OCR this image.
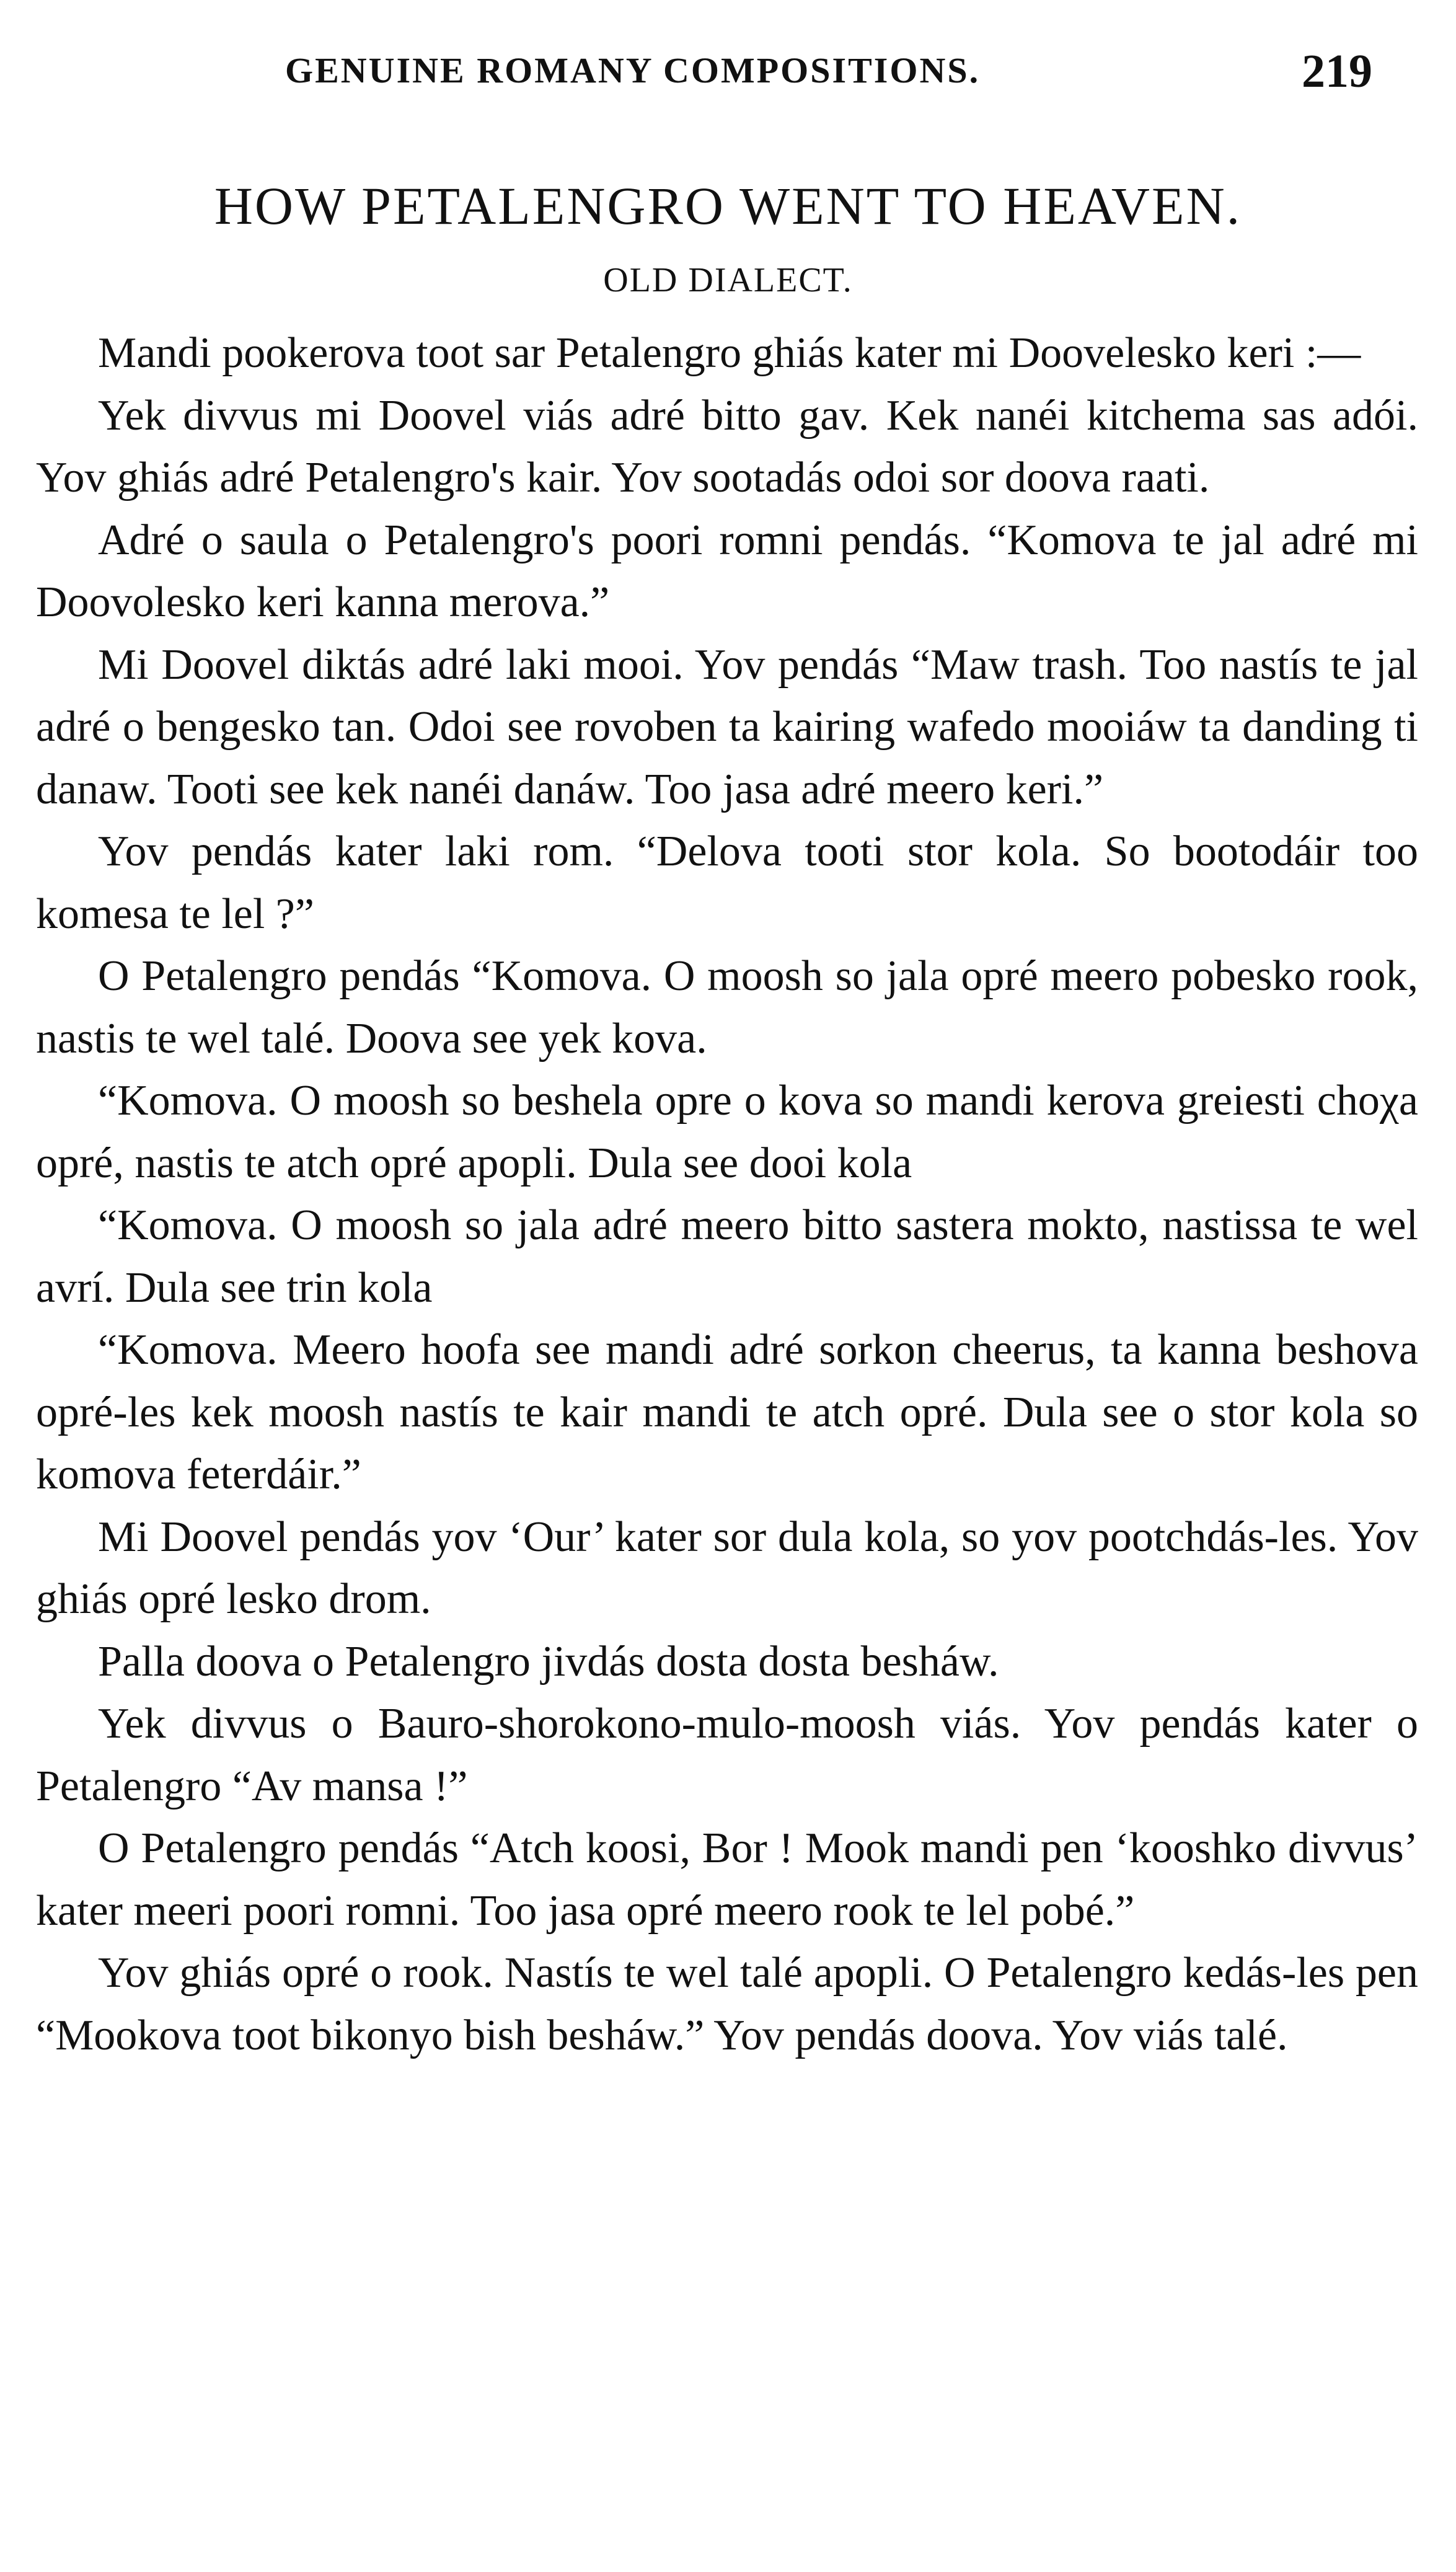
GENUINE ROMANY COMPOSITIONS.	219
HOW PETALENGRO WENT TO HEAVEN.
OLD DIALECT.

Mandi pookerova toot sar Petalengro ghiás kater mi Doovelesko keri :—

Yek divvus mi Doovel viás adré bitto gav. Kek nanéi kitchema sas adói. Yov ghiás adré Petalengro's kair. Yov sootadás odoi sor doova raati.

Adré o saula o Petalengro's poori romni pendás. “Komova te jal adré mi Doovolesko keri kanna merova.”

Mi Doovel diktás adré laki mooi. Yov pendás “Maw trash. Too nastís te jal adré o bengesko tan. Odoi see rovoben ta kairing wafedo mooiáw ta danding ti danaw. Tooti see kek nanéi danáw. Too jasa adré meero keri.”

Yov pendás kater laki rom. “Delova tooti stor kola. So bootodáir too komesa te lel ?”

O Petalengro pendás “Komova. O moosh so jala opré meero pobesko rook, nastis te wel talé. Doova see yek kova.

“Komova. O moosh so beshela opre o kova so mandi kerova greiesti choχa opré, nastis te atch opré apopli. Dula see dooi kola

“Komova. O moosh so jala adré meero bitto sastera mokto, nastissa te wel avrí. Dula see trin kola

“Komova. Meero hoofa see mandi adré sorkon cheerus, ta kanna beshova opré-les kek moosh nastís te kair mandi te atch opré. Dula see o stor kola so komova feterdáir.”

Mi Doovel pendás yov ‘Our’ kater sor dula kola, so yov pootchdás-les. Yov ghiás opré lesko drom.

Palla doova o Petalengro jivdás dosta dosta besháw.

Yek divvus o Bauro-shorokono-mulo-moosh viás. Yov pendás kater o Petalengro “Av mansa !”

O Petalengro pendás “Atch koosi, Bor ! Mook mandi pen ‘kooshko divvus’ kater meeri poori romni. Too jasa opré meero rook te lel pobé.”

Yov ghiás opré o rook. Nastís te wel talé apopli. O Petalengro kedás-les pen “Mookova toot bikonyo bish besháw.” Yov pendás doova. Yov viás talé.
